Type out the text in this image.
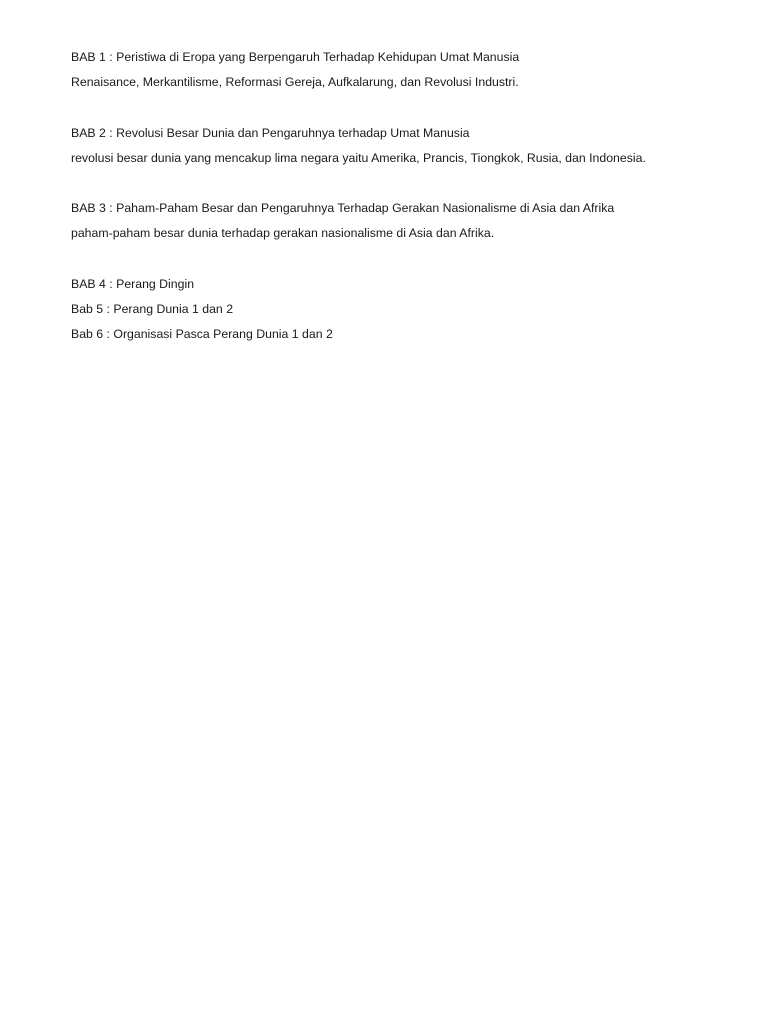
BAB 1 : Peristiwa di Eropa yang Berpengaruh Terhadap Kehidupan Umat Manusia
Renaisance, Merkantilisme, Reformasi Gereja, Aufkalarung, dan Revolusi Industri.
BAB 2 : Revolusi Besar Dunia dan Pengaruhnya terhadap Umat Manusia
revolusi besar dunia yang mencakup lima negara yaitu Amerika, Prancis, Tiongkok, Rusia, dan Indonesia.
BAB 3 : Paham-Paham Besar dan Pengaruhnya Terhadap Gerakan Nasionalisme di Asia dan Afrika
paham-paham besar dunia terhadap gerakan nasionalisme di Asia dan Afrika.
BAB 4 : Perang Dingin
Bab 5 : Perang Dunia 1 dan 2
Bab 6 : Organisasi Pasca Perang Dunia 1 dan 2
